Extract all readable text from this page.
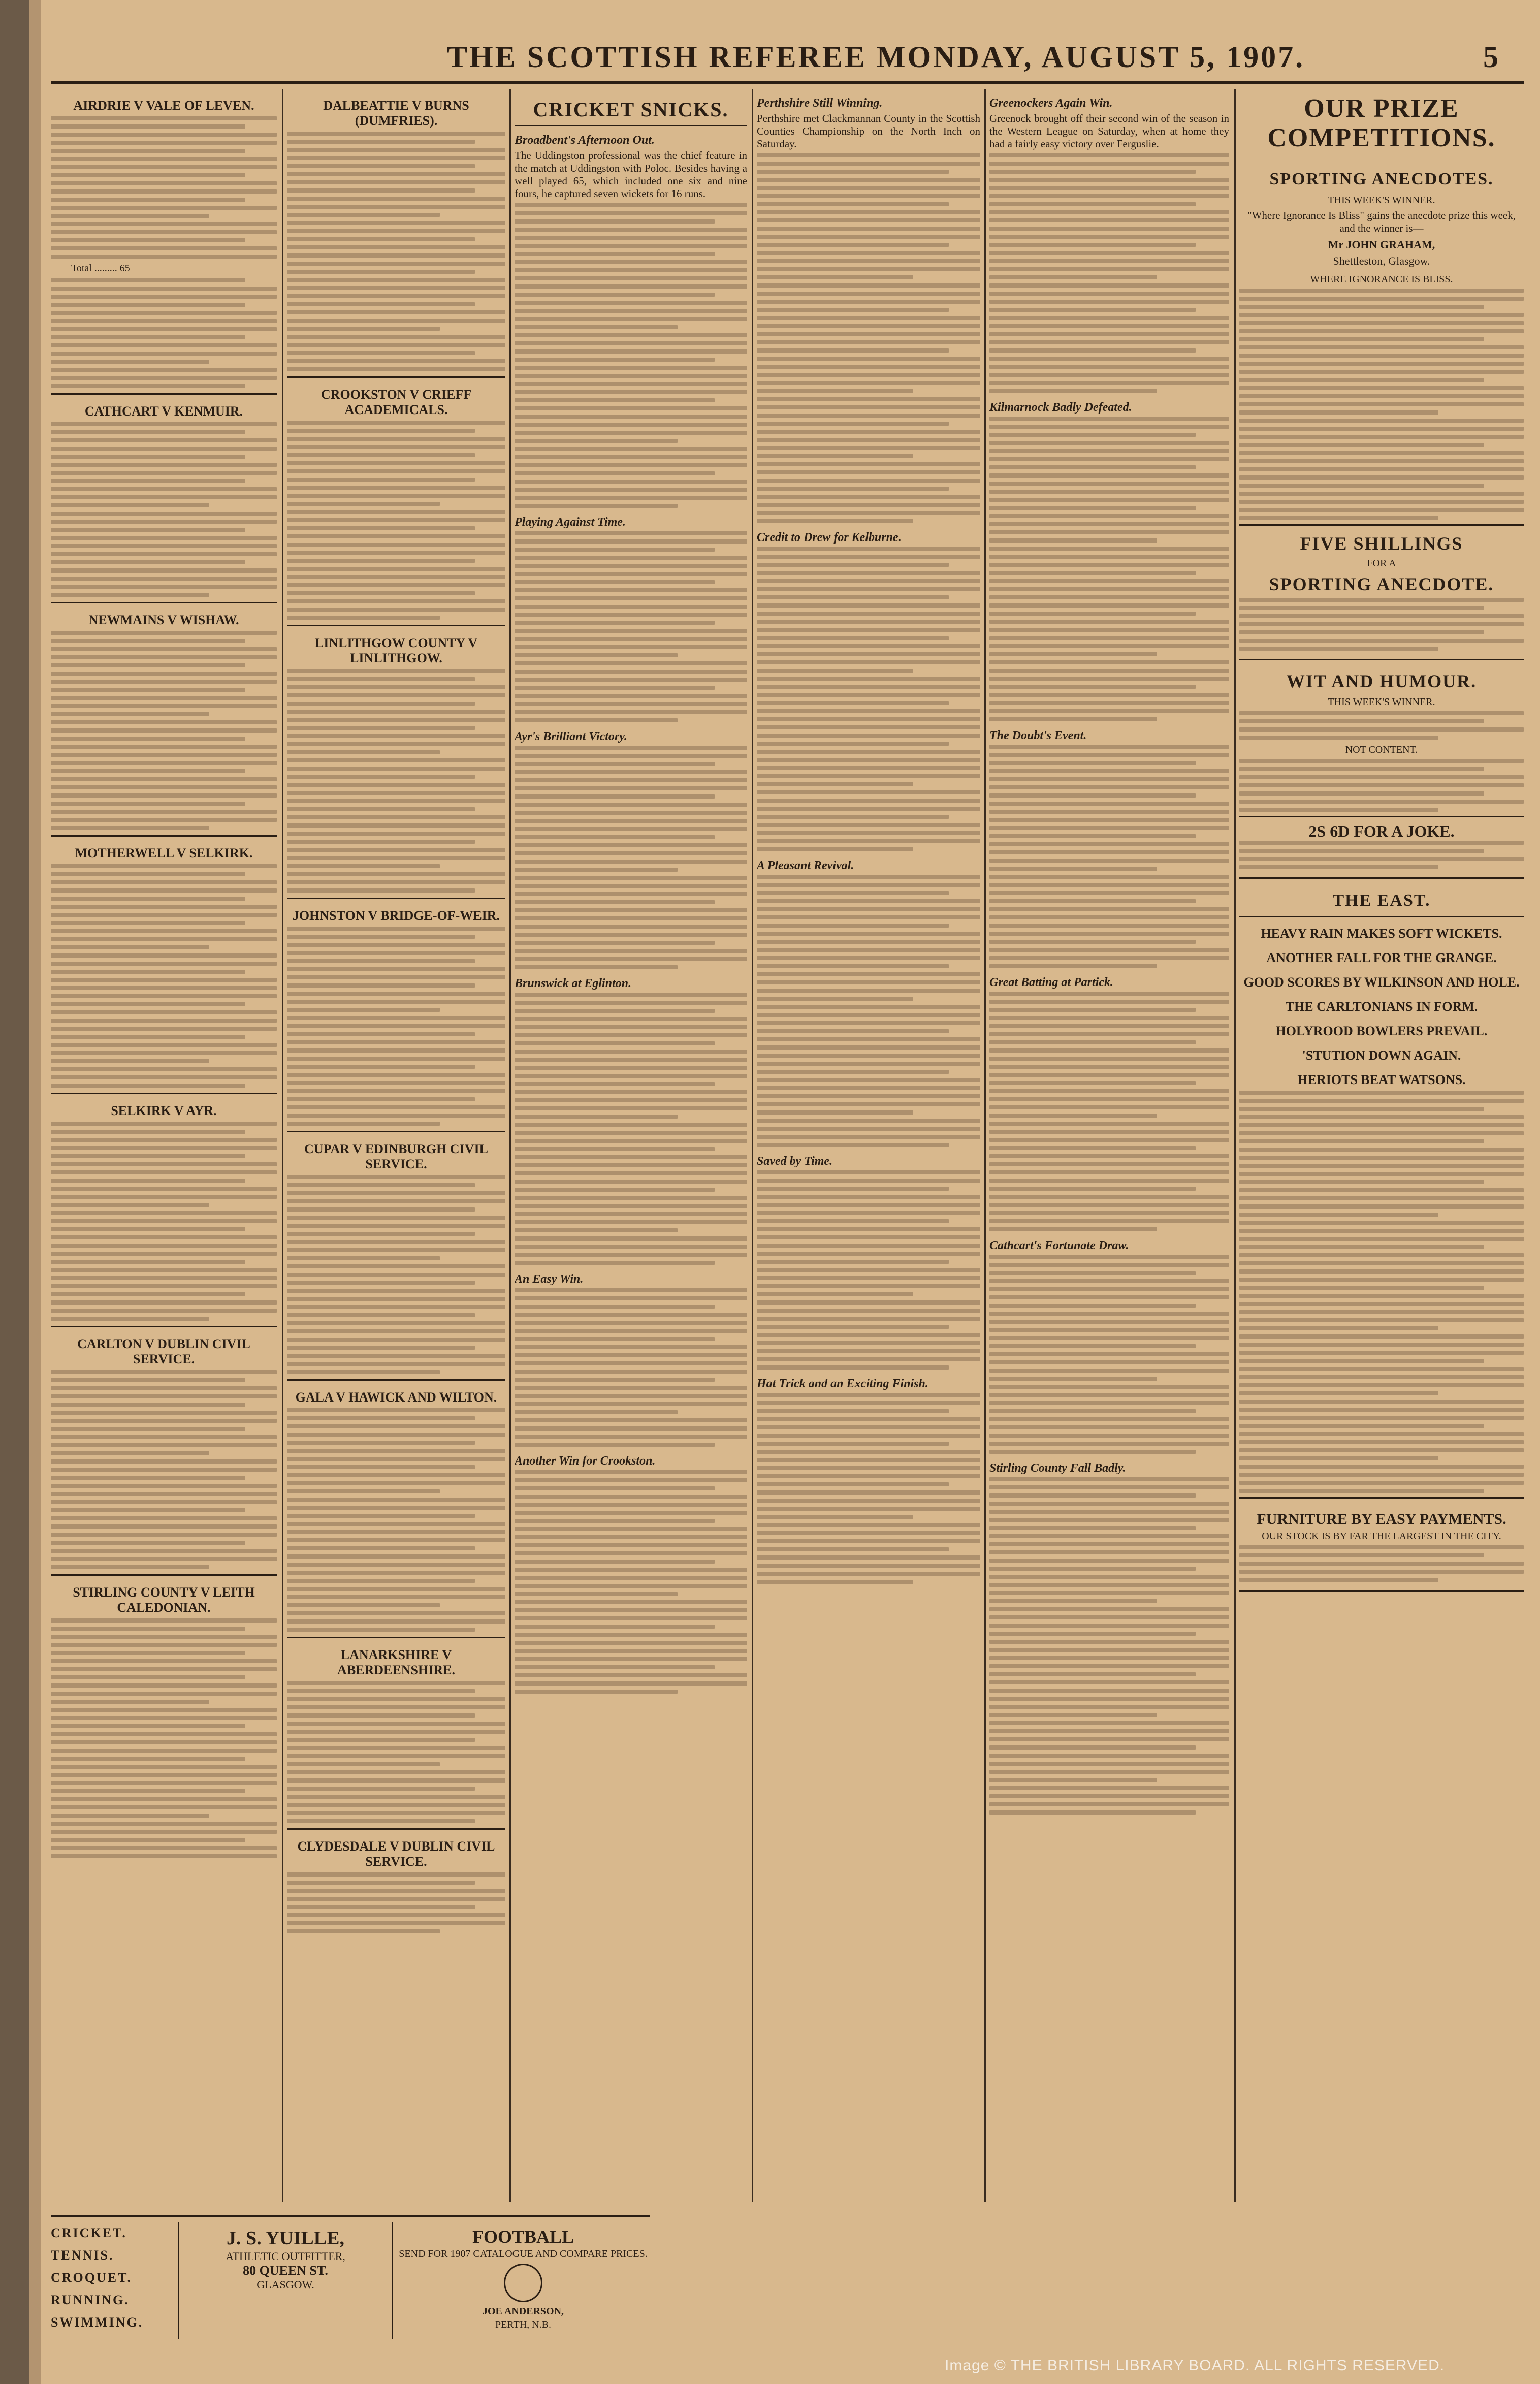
THE SCOTTISH REFEREE MONDAY, AUGUST 5, 1907.	5
AIRDRIE V VALE OF LEVEN.
Total ......... 65
CATHCART V KENMUIR.
NEWMAINS V WISHAW.
MOTHERWELL V SELKIRK.
SELKIRK V AYR.
CARLTON V DUBLIN CIVIL SERVICE.
STIRLING COUNTY V LEITH CALEDONIAN.
DALBEATTIE V BURNS (DUMFRIES).
CROOKSTON V CRIEFF ACADEMICALS.
LINLITHGOW COUNTY V LINLITHGOW.
JOHNSTON V BRIDGE-OF-WEIR.
CUPAR V EDINBURGH CIVIL SERVICE.
GALA V HAWICK AND WILTON.
LANARKSHIRE V ABERDEENSHIRE.
CLYDESDALE V DUBLIN CIVIL SERVICE.
CRICKET SNICKS.
Broadbent's Afternoon Out.
The Uddingston professional was the chief feature in the match at Uddingston with Poloc. Besides having a well played 65, which included one six and nine fours, he captured seven wickets for 16 runs.
Playing Against Time.
Ayr's Brilliant Victory.
Brunswick at Eglinton.
An Easy Win.
Another Win for Crookston.
Perthshire Still Winning.
Perthshire met Clackmannan County in the Scottish Counties Championship on the North Inch on Saturday.
Credit to Drew for Kelburne.
A Pleasant Revival.
Saved by Time.
Hat Trick and an Exciting Finish.
Greenockers Again Win.
Greenock brought off their second win of the season in the Western League on Saturday, when at home they had a fairly easy victory over Ferguslie.
Kilmarnock Badly Defeated.
The Doubt's Event.
Great Batting at Partick.
Cathcart's Fortunate Draw.
Stirling County Fall Badly.
OUR PRIZE COMPETITIONS.
SPORTING ANECDOTES.
THIS WEEK'S WINNER.
"Where Ignorance Is Bliss" gains the anecdote prize this week, and the winner is—
Mr JOHN GRAHAM,
Shettleston, Glasgow.
WHERE IGNORANCE IS BLISS.
FIVE SHILLINGS
FOR A
SPORTING ANECDOTE.
WIT AND HUMOUR.
THIS WEEK'S WINNER.
NOT CONTENT.
2S 6D FOR A JOKE.
THE EAST.
HEAVY RAIN MAKES SOFT WICKETS.
ANOTHER FALL FOR THE GRANGE.
GOOD SCORES BY WILKINSON AND HOLE.
THE CARLTONIANS IN FORM.
HOLYROOD BOWLERS PREVAIL.
'STUTION DOWN AGAIN.
HERIOTS BEAT WATSONS.
FURNITURE BY EASY PAYMENTS.
OUR STOCK IS BY FAR THE LARGEST IN THE CITY.
CRICKET.
TENNIS.
CROQUET.
RUNNING.
SWIMMING.
J. S. YUILLE,
ATHLETIC OUTFITTER,
80 QUEEN ST.
GLASGOW.
FOOTBALL
SEND FOR 1907 CATALOGUE AND COMPARE PRICES.
JOE ANDERSON,
PERTH, N.B.
Image © THE BRITISH LIBRARY BOARD. ALL RIGHTS RESERVED.
